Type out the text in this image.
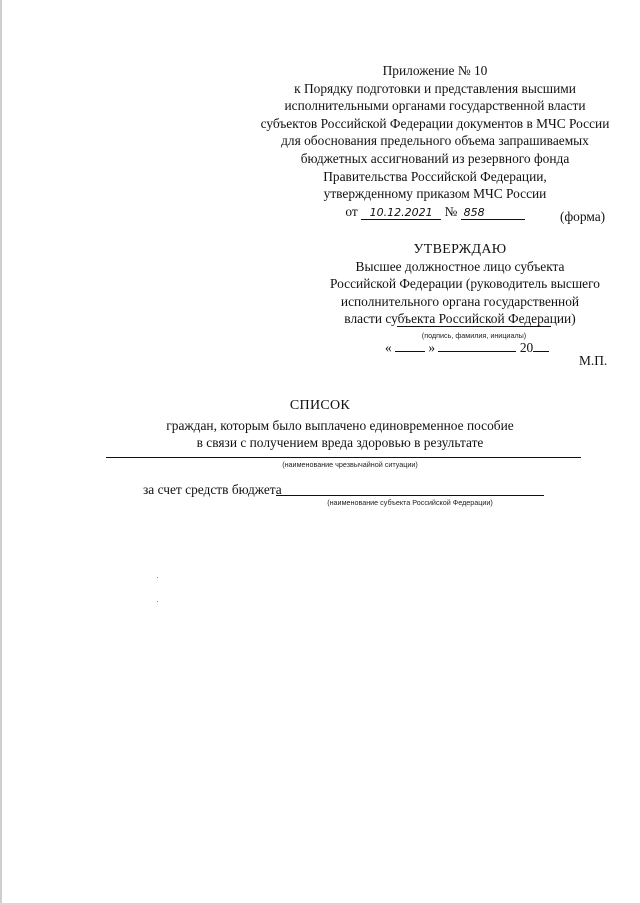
Приложение № 10
к Порядку подготовки и представления высшими
исполнительными органами государственной власти
субъектов Российской Федерации документов в МЧС России
для обоснования предельного объема запрашиваемых
бюджетных ассигнований из резервного фонда
Правительства Российской Федерации,
утвержденному приказом МЧС России
от 10.12.2021 № 858	(форма)
УТВЕРЖДАЮ
Высшее должностное лицо субъекта
Российской Федерации (руководитель высшего
исполнительного органа государственной
власти субъекта Российской Федерации)
(подпись, фамилия, инициалы)
«	»	20
М.П.
СПИСОК
граждан, которым было выплачено единовременное пособие
в связи с получением вреда здоровью в результате
(наименование чрезвычайной ситуации)
за счет средств бюджета
(наименование субъекта Российской Федерации)
